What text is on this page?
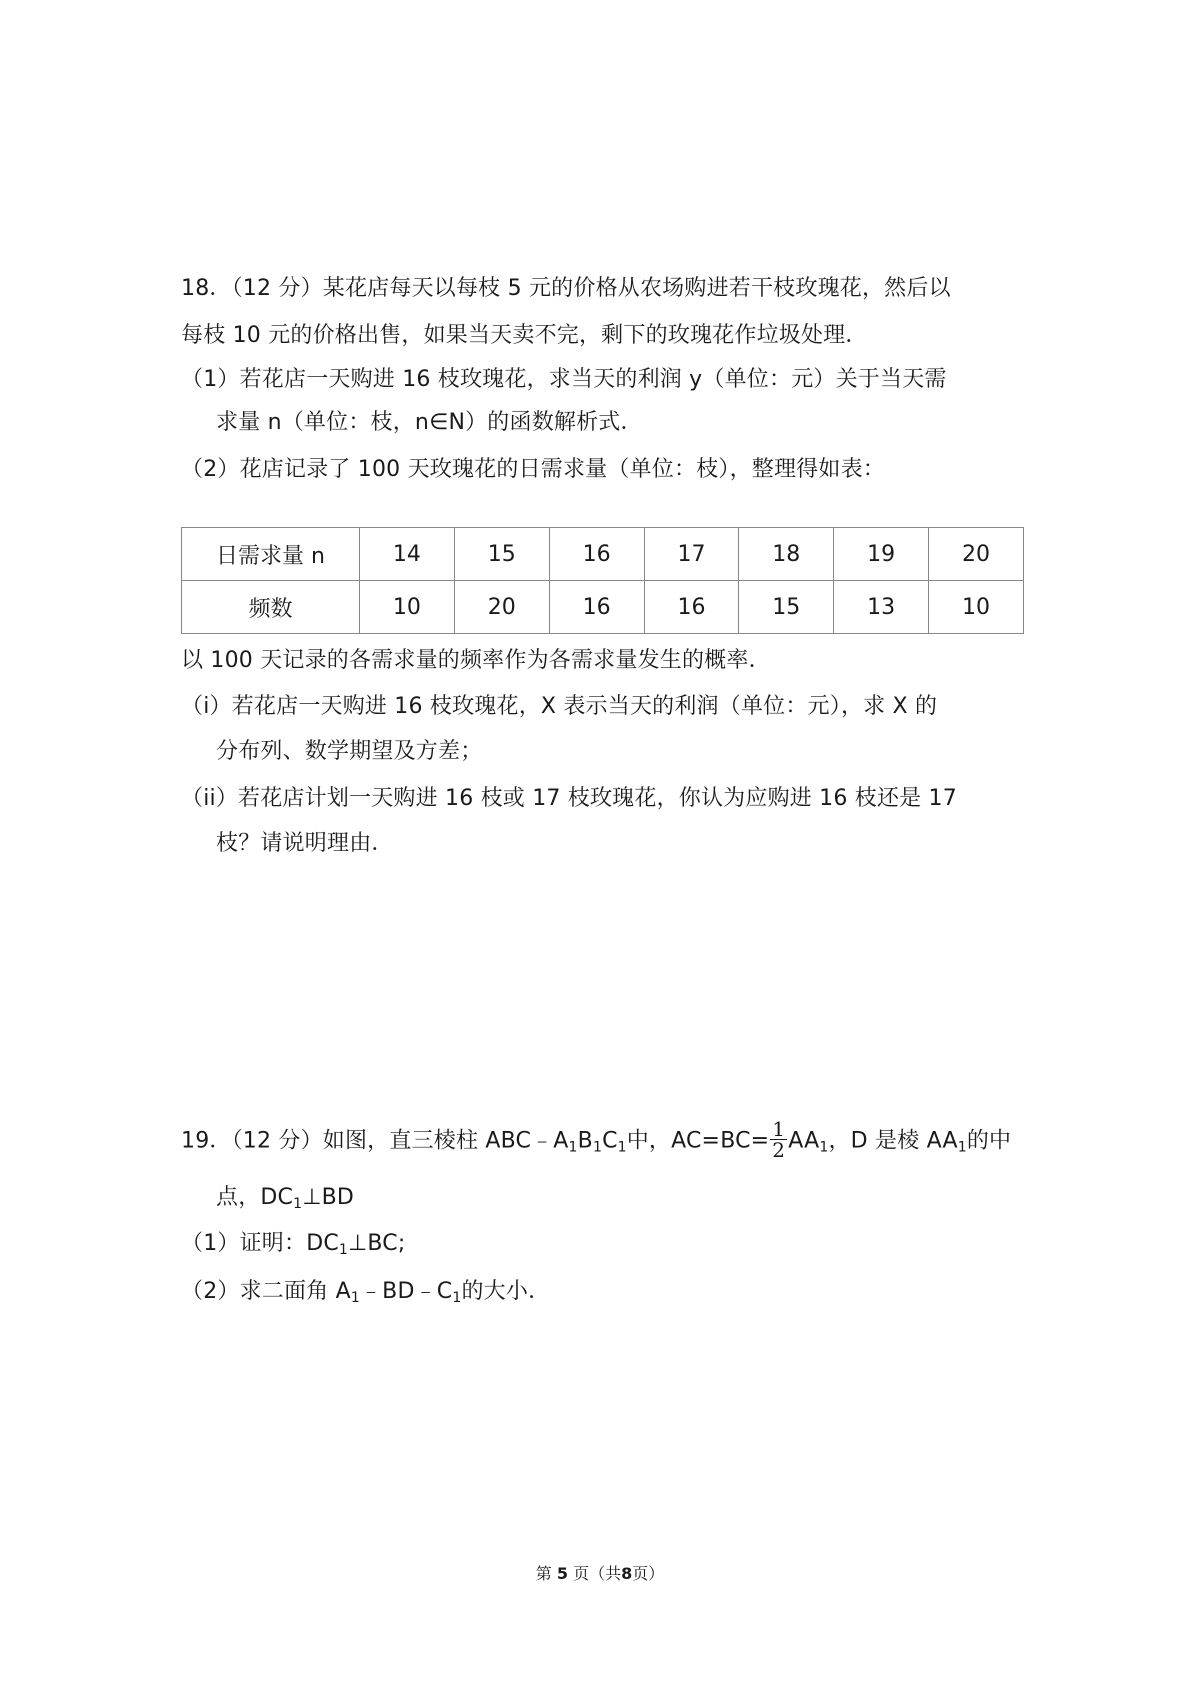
18．（12 分）某花店每天以每枝 5 元的价格从农场购进若干枝玫瑰花，然后以
每枝 10 元的价格出售，如果当天卖不完，剩下的玫瑰花作垃圾处理．
（1）若花店一天购进 16 枝玫瑰花，求当天的利润 y（单位：元）关于当天需
求量 n（单位：枝，n∈N）的函数解析式．
（2）花店记录了 100 天玫瑰花的日需求量（单位：枝），整理得如表：
日需求量 n	14	15	16	17	18	19	20
频数	10	20	16	16	15	13	10
以 100 天记录的各需求量的频率作为各需求量发生的概率．
（i）若花店一天购进 16 枝玫瑰花，X 表示当天的利润（单位：元），求 X 的
分布列、数学期望及方差；
（ii）若花店计划一天购进 16 枝或 17 枝玫瑰花，你认为应购进 16 枝还是 17
枝？请说明理由．
19．（12 分）如图，直三棱柱 $ABC﹣A_1B_1C_1$中，$AC=BC= \frac{1}{2} AA_1$，D 是棱 $AA_1$的中
点，$DC_1\perp BD$
（1）证明：$DC_1\perp BC$;
（2）求二面角 $A_1﹣BD﹣C_1$的大小．
第 5 页（共8页）
